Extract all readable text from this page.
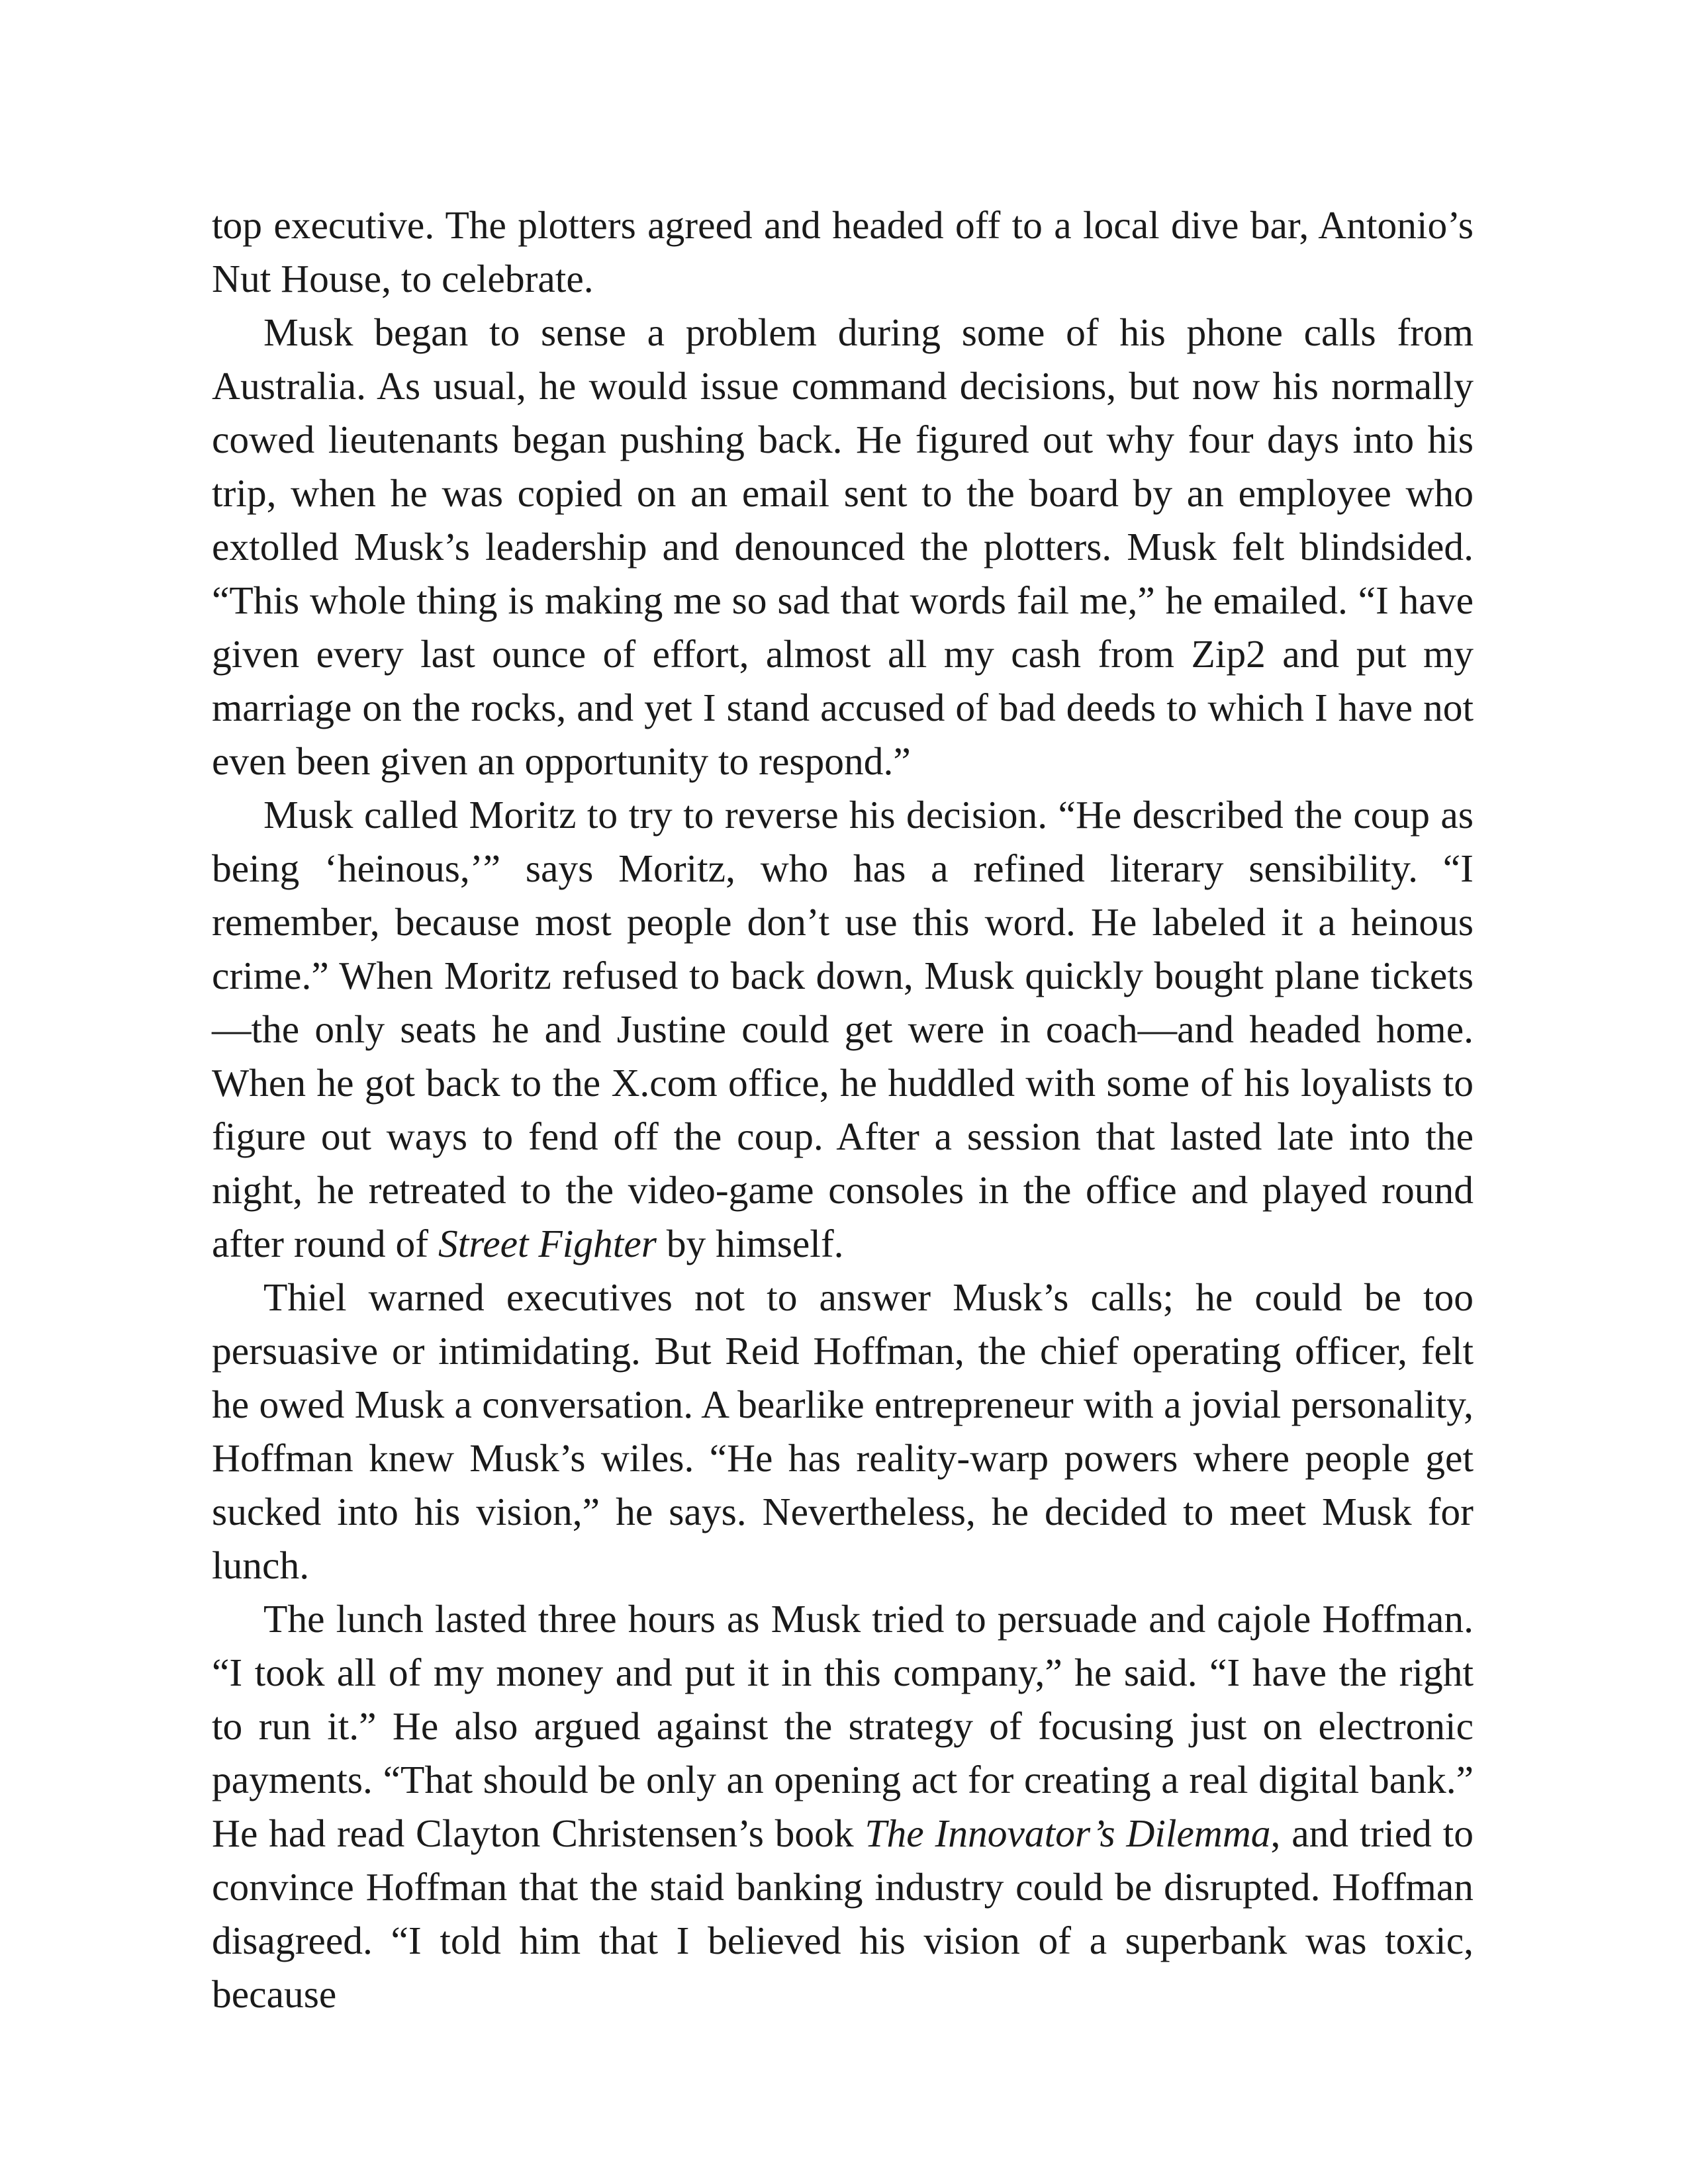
top executive. The plotters agreed and headed off to a local dive bar, Antonio’s Nut House, to celebrate.

Musk began to sense a problem during some of his phone calls from Australia. As usual, he would issue command decisions, but now his normally cowed lieutenants began pushing back. He figured out why four days into his trip, when he was copied on an email sent to the board by an employee who extolled Musk’s leadership and denounced the plotters. Musk felt blindsided. “This whole thing is making me so sad that words fail me,” he emailed. “I have given every last ounce of effort, almost all my cash from Zip2 and put my marriage on the rocks, and yet I stand accused of bad deeds to which I have not even been given an opportunity to respond.”

Musk called Moritz to try to reverse his decision. “He described the coup as being ‘heinous,’” says Moritz, who has a refined literary sensibility. “I remember, because most people don’t use this word. He labeled it a heinous crime.” When Moritz refused to back down, Musk quickly bought plane tickets—the only seats he and Justine could get were in coach—and headed home. When he got back to the X.com office, he huddled with some of his loyalists to figure out ways to fend off the coup. After a session that lasted late into the night, he retreated to the video-game consoles in the office and played round after round of Street Fighter by himself.

Thiel warned executives not to answer Musk’s calls; he could be too persuasive or intimidating. But Reid Hoffman, the chief operating officer, felt he owed Musk a conversation. A bearlike entrepreneur with a jovial personality, Hoffman knew Musk’s wiles. “He has reality-warp powers where people get sucked into his vision,” he says. Nevertheless, he decided to meet Musk for lunch.

The lunch lasted three hours as Musk tried to persuade and cajole Hoffman. “I took all of my money and put it in this company,” he said. “I have the right to run it.” He also argued against the strategy of focusing just on electronic payments. “That should be only an opening act for creating a real digital bank.” He had read Clayton Christensen’s book The Innovator’s Dilemma, and tried to convince Hoffman that the staid banking industry could be disrupted. Hoffman disagreed. “I told him that I believed his vision of a superbank was toxic, because
